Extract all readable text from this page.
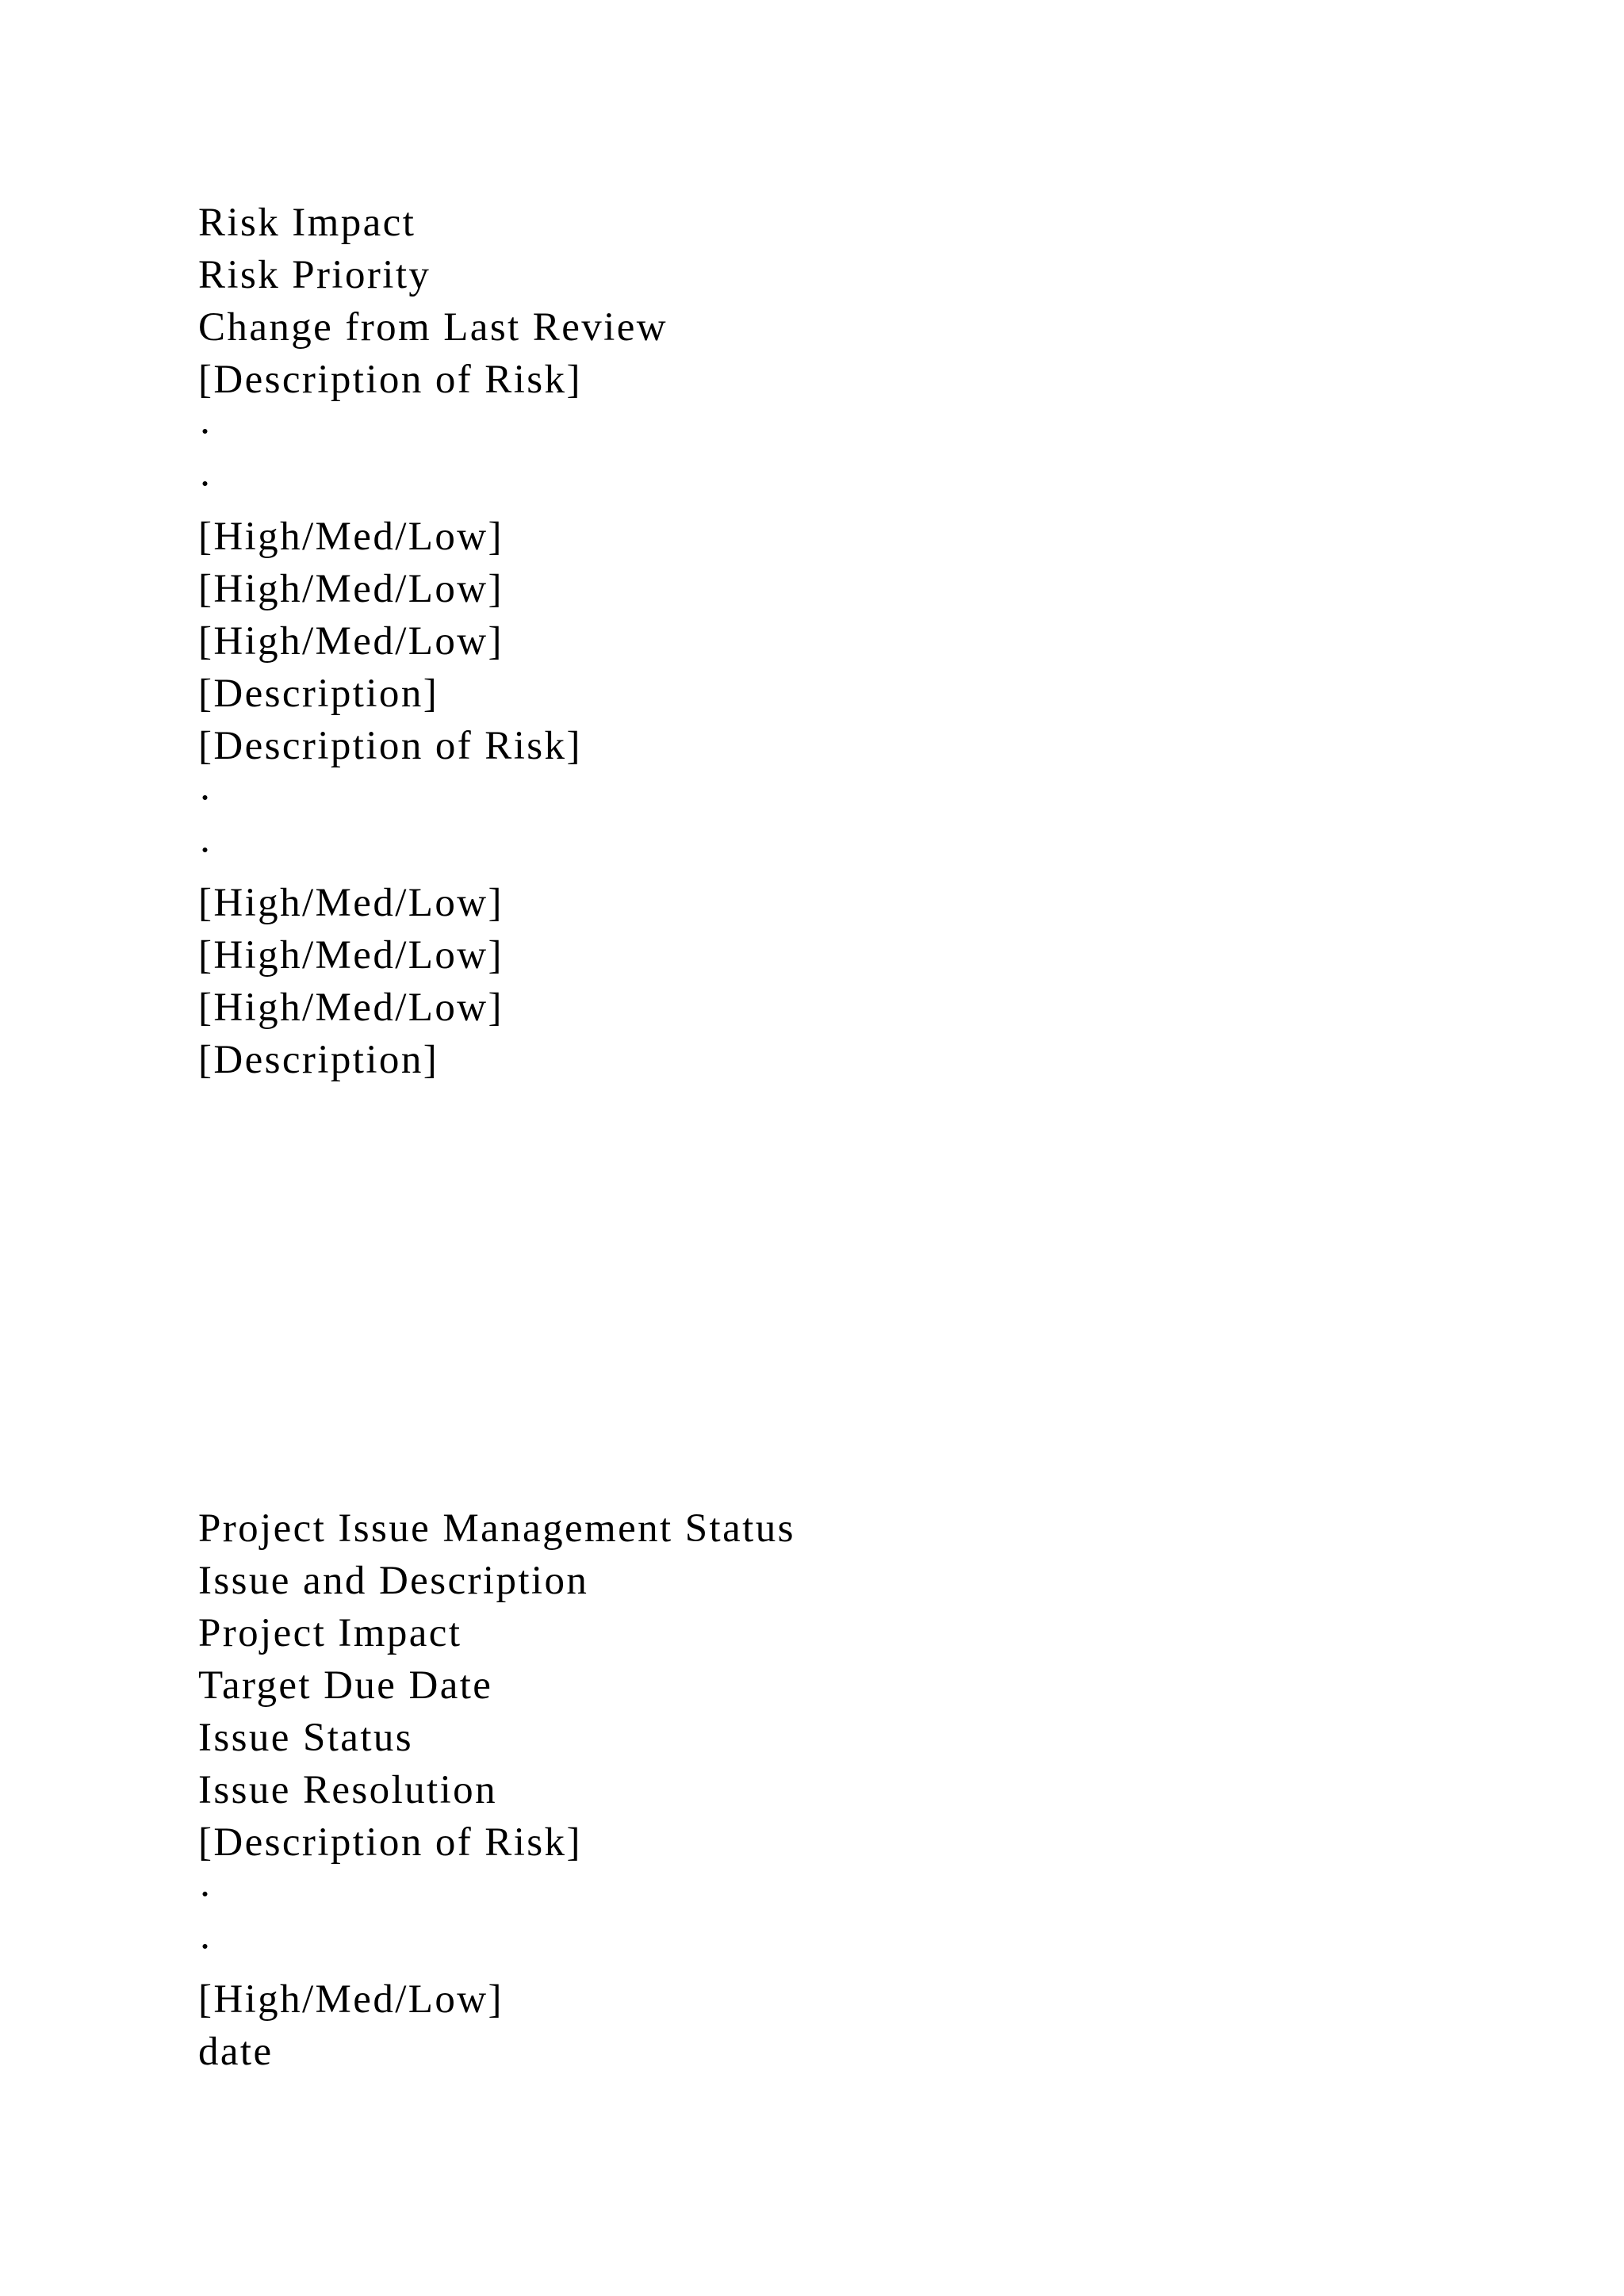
Risk Impact
Risk Priority
Change from Last Review
[Description of Risk]
·
·
[High/Med/Low]
[High/Med/Low]
[High/Med/Low]
[Description]
[Description of Risk]
·
·
[High/Med/Low]
[High/Med/Low]
[High/Med/Low]
[Description]
Project Issue Management Status
Issue and Description
Project Impact
Target Due Date
Issue Status
Issue Resolution
[Description of Risk]
·
·
[High/Med/Low]
date
